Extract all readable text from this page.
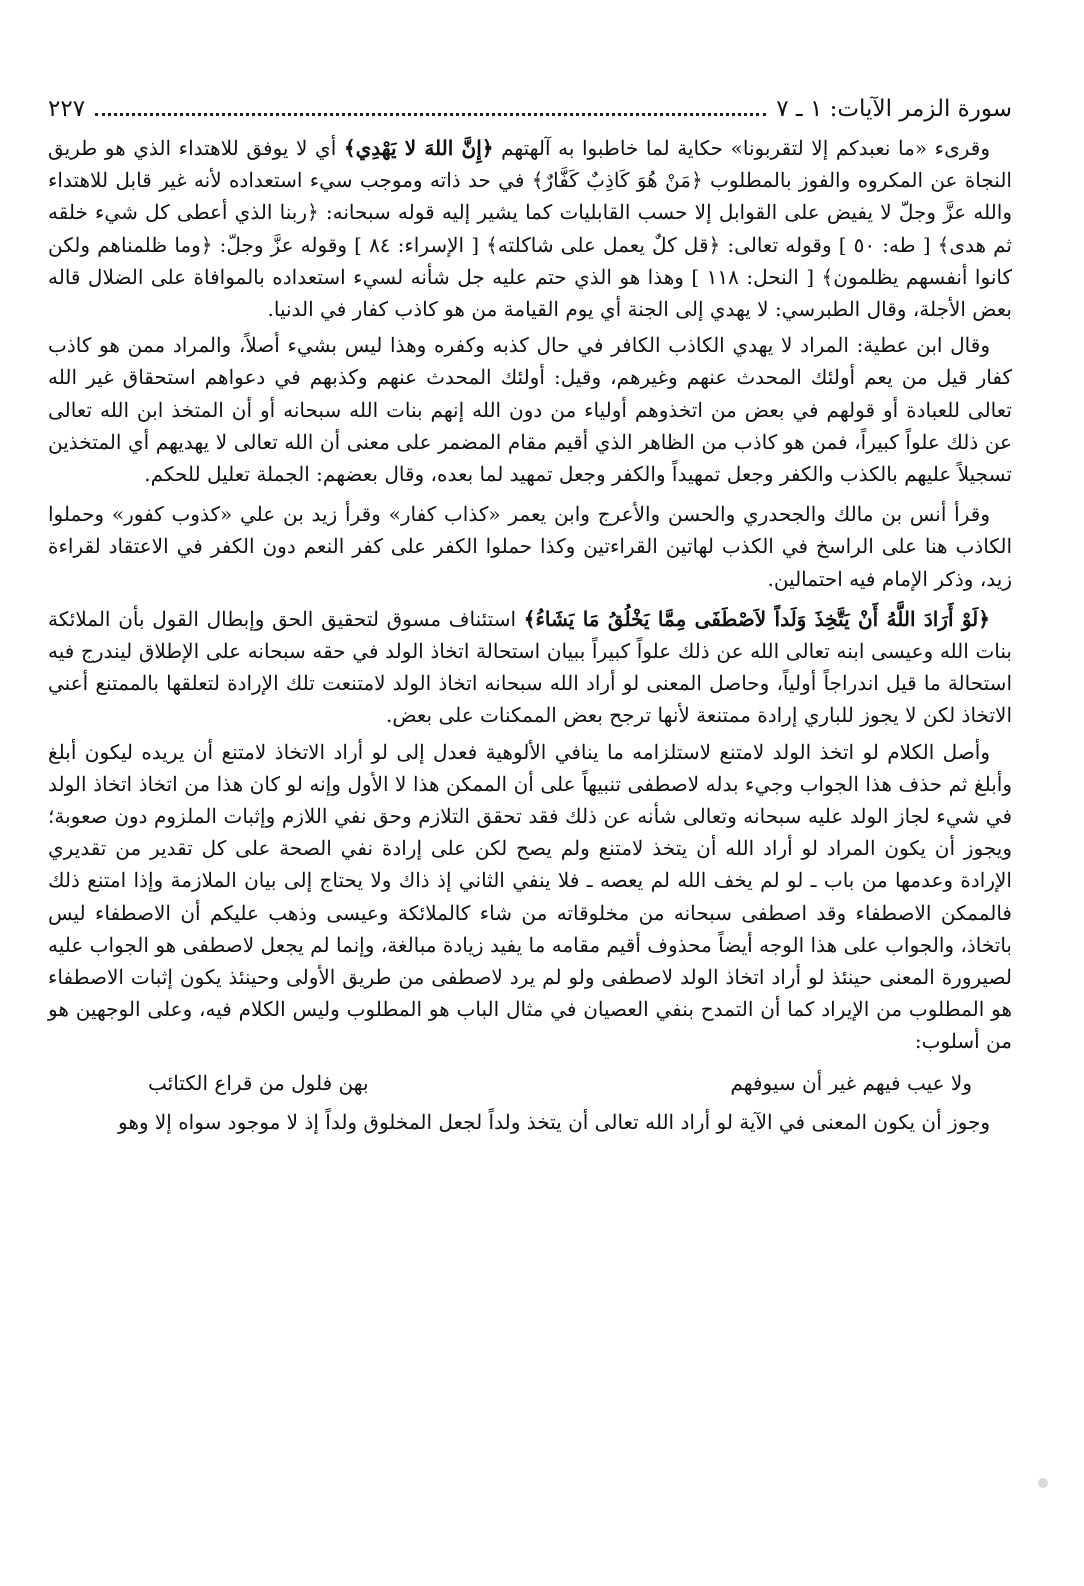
سورة الزمر الآيات: ١ ـ ٧
٢٢٧

وقرىء «ما نعبدكم إلا لتقربونا» حكاية لما خاطبوا به آلهتهم ﴿إِنَّ اللهَ لا يَهْدِي﴾ أي لا يوفق للاهتداء الذي هو طريق النجاة عن المكروه والفوز بالمطلوب ﴿مَنْ هُوَ كَاذِبٌ كَفَّارٌ﴾ في حد ذاته وموجب سيء استعداده لأنه غير قابل للاهتداء والله عزَّ وجلّ لا يفيض على القوابل إلا حسب القابليات كما يشير إليه قوله سبحانه: ﴿ربنا الذي أعطى كل شيء خلقه ثم هدى﴾ [ طه: ٥٠ ] وقوله تعالى: ﴿قل كلٌ يعمل على شاكلته﴾ [ الإسراء: ٨٤ ] وقوله عزَّ وجلّ: ﴿وما ظلمناهم ولكن كانوا أنفسهم يظلمون﴾ [ النحل: ١١٨ ] وهذا هو الذي حتم عليه جل شأنه لسيء استعداده بالموافاة على الضلال قاله بعض الأجلة، وقال الطبرسي: لا يهدي إلى الجنة أي يوم القيامة من هو كاذب كفار في الدنيا.

وقال ابن عطية: المراد لا يهدي الكاذب الكافر في حال كذبه وكفره وهذا ليس بشيء أصلاً، والمراد ممن هو كاذب كفار قيل من يعم أولئك المحدث عنهم وغيرهم، وقيل: أولئك المحدث عنهم وكذبهم في دعواهم استحقاق غير الله تعالى للعبادة أو قولهم في بعض من اتخذوهم أولياء من دون الله إنهم بنات الله سبحانه أو أن المتخذ ابن الله تعالى عن ذلك علواً كبيراً، فمن هو كاذب من الظاهر الذي أقيم مقام المضمر على معنى أن الله تعالى لا يهديهم أي المتخذين تسجيلاً عليهم بالكذب والكفر وجعل تمهيداً والكفر وجعل تمهيد لما بعده، وقال بعضهم: الجملة تعليل للحكم.

وقرأ أنس بن مالك والجحدري والحسن والأعرج وابن يعمر «كذاب كفار» وقرأ زيد بن علي «كذوب كفور» وحملوا الكاذب هنا على الراسخ في الكذب لهاتين القراءتين وكذا حملوا الكفر على كفر النعم دون الكفر في الاعتقاد لقراءة زيد، وذكر الإمام فيه احتمالين.

﴿لَوْ أَرَادَ اللَّهُ أَنْ يَتَّخِذَ وَلَداً لاَصْطَفَى مِمَّا يَخْلُقُ مَا يَشَاءُ﴾ استئناف مسوق لتحقيق الحق وإبطال القول بأن الملائكة بنات الله وعيسى ابنه تعالى الله عن ذلك علواً كبيراً ببيان استحالة اتخاذ الولد في حقه سبحانه على الإطلاق ليندرج فيه استحالة ما قيل اندراجاً أولياً، وحاصل المعنى لو أراد الله سبحانه اتخاذ الولد لامتنعت تلك الإرادة لتعلقها بالممتنع أعني الاتخاذ لكن لا يجوز للباري إرادة ممتنعة لأنها ترجح بعض الممكنات على بعض.

وأصل الكلام لو اتخذ الولد لامتنع لاستلزامه ما ينافي الألوهية فعدل إلى لو أراد الاتخاذ لامتنع أن يريده ليكون أبلغ وأبلغ ثم حذف هذا الجواب وجيء بدله لاصطفى تنبيهاً على أن الممكن هذا لا الأول وإنه لو كان هذا من اتخاذ اتخاذ الولد في شيء لجاز الولد عليه سبحانه وتعالى شأنه عن ذلك فقد تحقق التلازم وحق نفي اللازم وإثبات الملزوم دون صعوبة؛ ويجوز أن يكون المراد لو أراد الله أن يتخذ لامتنع ولم يصح لكن على إرادة نفي الصحة على كل تقدير من تقديري الإرادة وعدمها من باب ـ لو لم يخف الله لم يعصه ـ فلا ينفي الثاني إذ ذاك ولا يحتاج إلى بيان الملازمة وإذا امتنع ذلك فالممكن الاصطفاء وقد اصطفى سبحانه من مخلوقاته من شاء كالملائكة وعيسى وذهب عليكم أن الاصطفاء ليس باتخاذ، والجواب على هذا الوجه أيضاً محذوف أقيم مقامه ما يفيد زيادة مبالغة، وإنما لم يجعل لاصطفى هو الجواب عليه لصيرورة المعنى حينئذ لو أراد اتخاذ الولد لاصطفى ولو لم يرد لاصطفى من طريق الأولى وحينئذ يكون إثبات الاصطفاء هو المطلوب من الإيراد كما أن التمدح بنفي العصيان في مثال الباب هو المطلوب وليس الكلام فيه، وعلى الوجهين هو من أسلوب:

ولا عيب فيهم غير أن سيوفهم
بهن فلول من قراع الكتائب

وجوز أن يكون المعنى في الآية لو أراد الله تعالى أن يتخذ ولداً لجعل المخلوق ولداً إذ لا موجود سواه إلا وهو
